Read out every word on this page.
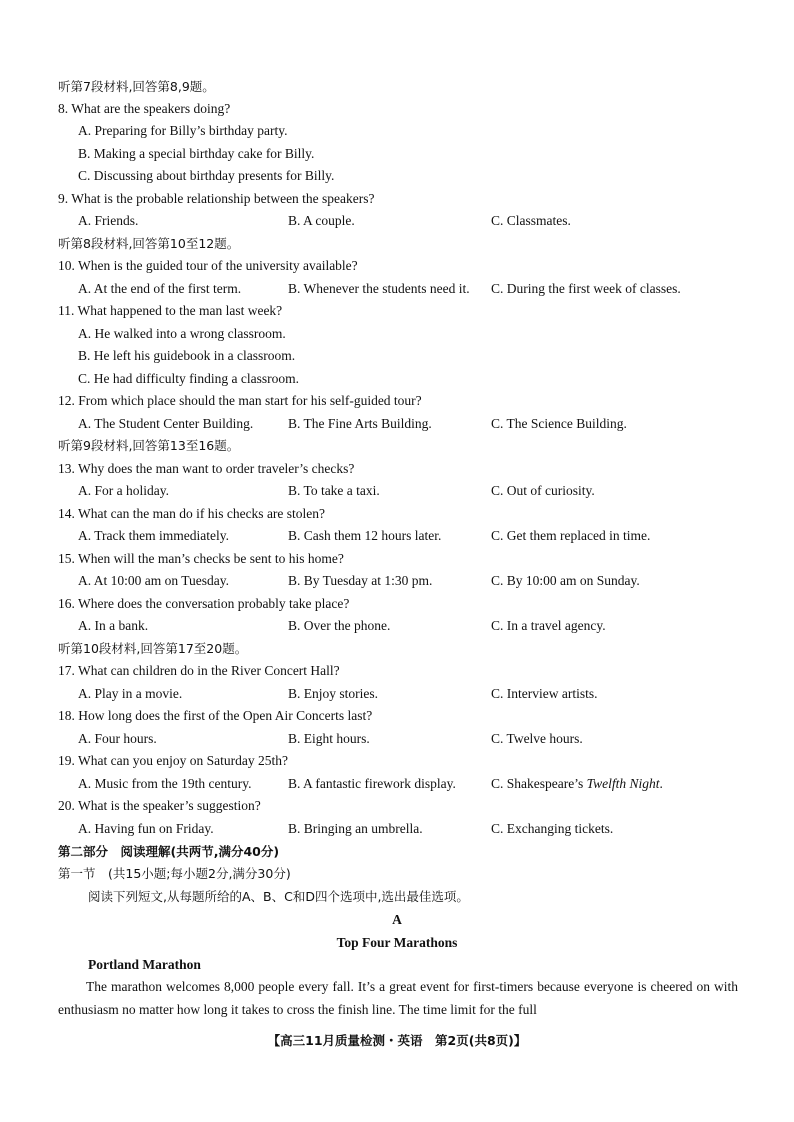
听第7段材料,回答第8,9题。
8. What are the speakers doing?
A. Preparing for Billy’s birthday party.
B. Making a special birthday cake for Billy.
C. Discussing about birthday presents for Billy.
9. What is the probable relationship between the speakers?
A. Friends.	B. A couple.	C. Classmates.
听第8段材料,回答第10至12题。
10. When is the guided tour of the university available?
A. At the end of the first term.	B. Whenever the students need it. C. During the first week of classes.
11. What happened to the man last week?
A. He walked into a wrong classroom.
B. He left his guidebook in a classroom.
C. He had difficulty finding a classroom.
12. From which place should the man start for his self-guided tour?
A. The Student Center Building.	B. The Fine Arts Building.	C. The Science Building.
听第9段材料,回答第13至16题。
13. Why does the man want to order traveler’s checks?
A. For a holiday.	B. To take a taxi.	C. Out of curiosity.
14. What can the man do if his checks are stolen?
A. Track them immediately.	B. Cash them 12 hours later.	C. Get them replaced in time.
15. When will the man’s checks be sent to his home?
A. At 10:00 am on Tuesday.	B. By Tuesday at 1:30 pm.	C. By 10:00 am on Sunday.
16. Where does the conversation probably take place?
A. In a bank.	B. Over the phone.	C. In a travel agency.
听第10段材料,回答第17至20题。
17. What can children do in the River Concert Hall?
A. Play in a movie.	B. Enjoy stories.	C. Interview artists.
18. How long does the first of the Open Air Concerts last?
A. Four hours.	B. Eight hours.	C. Twelve hours.
19. What can you enjoy on Saturday 25th?
A. Music from the 19th century.	B. A fantastic firework display.	C. Shakespeare’s Twelfth Night.
20. What is the speaker’s suggestion?
A. Having fun on Friday.	B. Bringing an umbrella.	C. Exchanging tickets.
第二部分　阅读理解(共两节,满分40分)
第一节　(共15小题;每小题2分,满分30分)
阅读下列短文,从每题所给的A、B、C和D四个选项中,选出最佳选项。
A
Top Four Marathons
Portland Marathon
The marathon welcomes 8,000 people every fall. It’s a great event for first-timers because everyone is cheered on with enthusiasm no matter how long it takes to cross the finish line. The time limit for the full
【高三11月质量检测・英语　第2页(共8页)】
